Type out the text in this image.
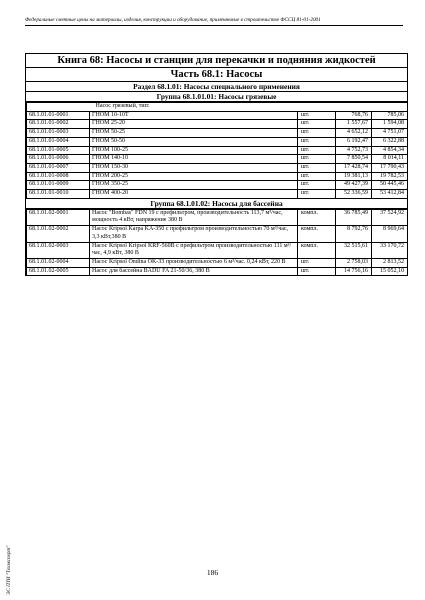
Федеральные сметные цены на материалы, изделия, конструкции и оборудование, применяемые в строительстве ФССЦ 81-01-2001
Книга 68: Насосы и станции для перекачки и подняния жидкостей
Часть 68.1: Насосы
Раздел 68.1.01: Насосы специального применения
Группа 68.1.01.01: Насосы грязевые
	Насос грязевый, тип:			
68.1.01.01-0001	ГНОМ 10-10Т	шт.	768,76	785,06
68.1.01.01-0002	ГНОМ 25-20	шт.	1 557,67	1 594,08
68.1.01.01-0003	ГНОМ 50-25	шт.	4 652,12	4 751,07
68.1.01.01-0004	ГНОМ 50-50	шт.	6 192,47	6 322,88
68.1.01.01-0005	ГНОМ 100-25	шт.	4 752,73	4 854,34
68.1.01.01-0006	ГНОМ 140-10	шт.	7 850,54	8 014,11
68.1.01.01-0007	ГНОМ 150-30	шт.	17 428,74	17 790,43
68.1.01.01-0008	ГНОМ 200-25	шт.	19 381,13	19 782,53
68.1.01.01-0009	ГНОМ 350-25	шт.	49 427,39	50 445,46
68.1.01.01-0010	ГНОМ 400-20	шт.	52 336,59	53 412,84
Группа 68.1.01.02: Насосы для бассейна
68.1.01.02-0001	Насос "Bombas" FDN 19 с префильтром, производительность 113,7 м³/час, мощность 4 кВт, напряжение 380 В	компл.	36 785,49	37 524,92
68.1.01.02-0002	Насос Kripsol Karpa KA-350 с префильтром производительностью 70 м³/час, 3,3 кВт,380 В	компл.	8 792,76	8 969,64
68.1.01.02-0003	Насос Kripsol Kripsol KRF-560В с префильтром производительностью 111 м³/час, 4,9 кВт, 380 В	компл.	32 515,61	33 170,72
68.1.01.02-0004	Насос Kripsol Ondina OK-33 производительностью 6 м³/час. 0,24 кВт, 220 В	шт.	2 758,03	2 813,52
68.1.01.02-0005	Насос для бассейна BADU FA 21-50/36, 380 В	шт.	14 756,16	15 052,10
ЭС ПТИ "Техэксперт"	186
